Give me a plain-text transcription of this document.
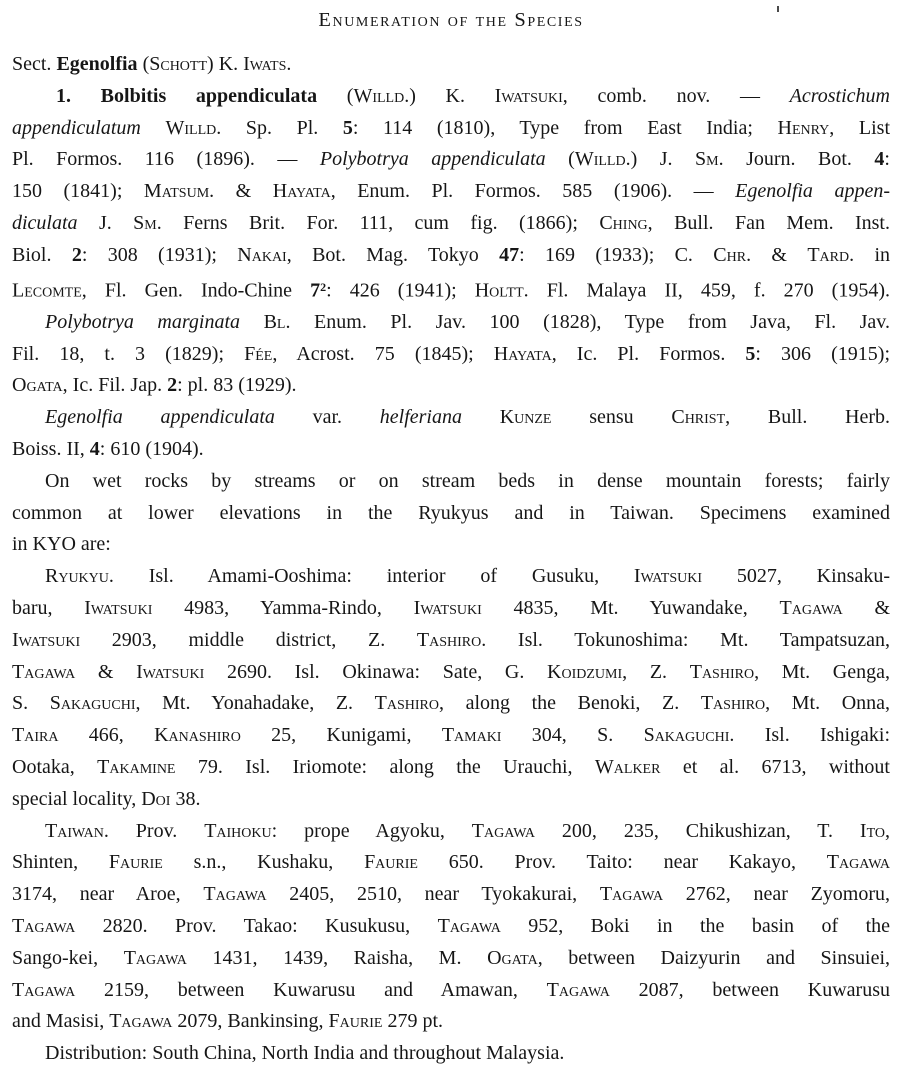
Enumeration of the Species
Sect. Egenolfia (Schott) K. Iwats.
1. Bolbitis appendiculata (Willd.) K. Iwatsuki, comb. nov. — Acrostichum
appendiculatum Willd. Sp. Pl. 5: 114 (1810), Type from East India; Henry, List
Pl. Formos. 116 (1896). — Polybotrya appendiculata (Willd.) J. Sm. Journ. Bot. 4:
150 (1841); Matsum. & Hayata, Enum. Pl. Formos. 585 (1906). — Egenolfia appen-
diculata J. Sm. Ferns Brit. For. 111, cum fig. (1866); Ching, Bull. Fan Mem. Inst.
Biol. 2: 308 (1931); Nakai, Bot. Mag. Tokyo 47: 169 (1933); C. Chr. & Tard. in
Lecomte, Fl. Gen. Indo-Chine $7^2$: 426 (1941); Holtt. Fl. Malaya II, 459, f. 270 (1954).
Polybotrya marginata Bl. Enum. Pl. Jav. 100 (1828), Type from Java, Fl. Jav.
Fil. 18, t. 3 (1829); Fée, Acrost. 75 (1845); Hayata, Ic. Pl. Formos. 5: 306 (1915);
Ogata, Ic. Fil. Jap. 2: pl. 83 (1929).
Egenolfia appendiculata var. helferiana Kunze sensu Christ, Bull. Herb.
Boiss. II, 4: 610 (1904).
On wet rocks by streams or on stream beds in dense mountain forests; fairly
common at lower elevations in the Ryukyus and in Taiwan. Specimens examined
in KYO are:
Ryukyu. Isl. Amami-Ooshima: interior of Gusuku, Iwatsuki 5027, Kinsaku-
baru, Iwatsuki 4983, Yamma-Rindo, Iwatsuki 4835, Mt. Yuwandake, Tagawa &
Iwatsuki 2903, middle district, Z. Tashiro. Isl. Tokunoshima: Mt. Tampatsuzan,
Tagawa & Iwatsuki 2690. Isl. Okinawa: Sate, G. Koidzumi, Z. Tashiro, Mt. Genga,
S. Sakaguchi, Mt. Yonahadake, Z. Tashiro, along the Benoki, Z. Tashiro, Mt. Onna,
Taira 466, Kanashiro 25, Kunigami, Tamaki 304, S. Sakaguchi. Isl. Ishigaki:
Ootaka, Takamine 79. Isl. Iriomote: along the Urauchi, Walker et al. 6713, without
special locality, Doi 38.
Taiwan. Prov. Taihoku: prope Agyoku, Tagawa 200, 235, Chikushizan, T. Ito,
Shinten, Faurie s.n., Kushaku, Faurie 650. Prov. Taito: near Kakayo, Tagawa
3174, near Aroe, Tagawa 2405, 2510, near Tyokakurai, Tagawa 2762, near Zyomoru,
Tagawa 2820. Prov. Takao: Kusukusu, Tagawa 952, Boki in the basin of the
Sango-kei, Tagawa 1431, 1439, Raisha, M. Ogata, between Daizyurin and Sinsuiei,
Tagawa 2159, between Kuwarusu and Amawan, Tagawa 2087, between Kuwarusu
and Masisi, Tagawa 2079, Bankinsing, Faurie 279 pt.
Distribution: South China, North India and throughout Malaysia.
